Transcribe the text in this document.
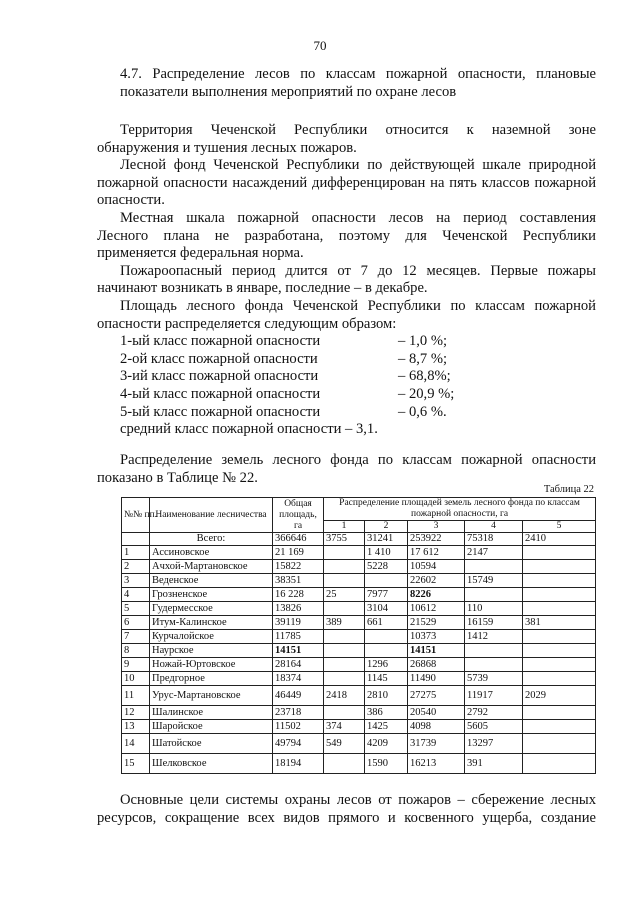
70

4.7. Распределение лесов по классам пожарной опасности, плановые показатели выполнения мероприятий по охране лесов

Территория Чеченской Республики относится к наземной зоне

обнаружения и тушения лесных пожаров.

Лесной фонд Чеченской Республики по действующей шкале природной

пожарной опасности насаждений дифференцирован на пять классов пожарной

опасности.

Местная шкала пожарной опасности лесов на период составления

Лесного плана не разработана, поэтому для Чеченской Республики

применяется федеральная норма.

Пожароопасный период длится от 7 до 12 месяцев. Первые пожары

начинают возникать в январе, последние – в декабре.

Площадь лесного фонда Чеченской Республики по классам пожарной

опасности распределяется следующим образом:

1-ый класс пожарной опасности	– 1,0 %;
2-ой класс пожарной опасности	– 8,7 %;
3-ий класс пожарной опасности	– 68,8%;
4-ый класс пожарной опасности	– 20,9 %;
5-ый класс пожарной опасности	– 0,6 %.
средний класс пожарной опасности – 3,1.

Распределение земель лесного фонда по классам пожарной опасности

показано в Таблице № 22.

Таблица 22
№№ пп.	Наименование лесничества	Общая площадь, га	Распределение площадей земель лесного фонда по классам пожарной опасности, га				
			1	2	3	4	5
	Всего:	366646	3755	31241	253922	75318	2410
1	Ассиновское	21 169		1 410	17 612	2147	
2	Ачхой-Мартановское	15822		5228	10594		
3	Веденское	38351			22602	15749	
4	Грозненское	16 228	25	7977	8226		
5	Гудермесское	13826		3104	10612	110	
6	Итум-Калинское	39119	389	661	21529	16159	381
7	Курчалойское	11785			10373	1412	
8	Наурское	14151			14151		
9	Ножай-Юртовское	28164		1296	26868		
10	Предгорное	18374		1145	11490	5739	
11	Урус-Мартановское	46449	2418	2810	27275	11917	2029
12	Шалинское	23718		386	20540	2792	
13	Шаройское	11502	374	1425	4098	5605	
14	Шатойское	49794	549	4209	31739	13297	
15	Шелковское	18194		1590	16213	391	

Основные цели системы охраны лесов от пожаров – сбережение лесных

ресурсов, сокращение всех видов прямого и косвенного ущерба, создание
